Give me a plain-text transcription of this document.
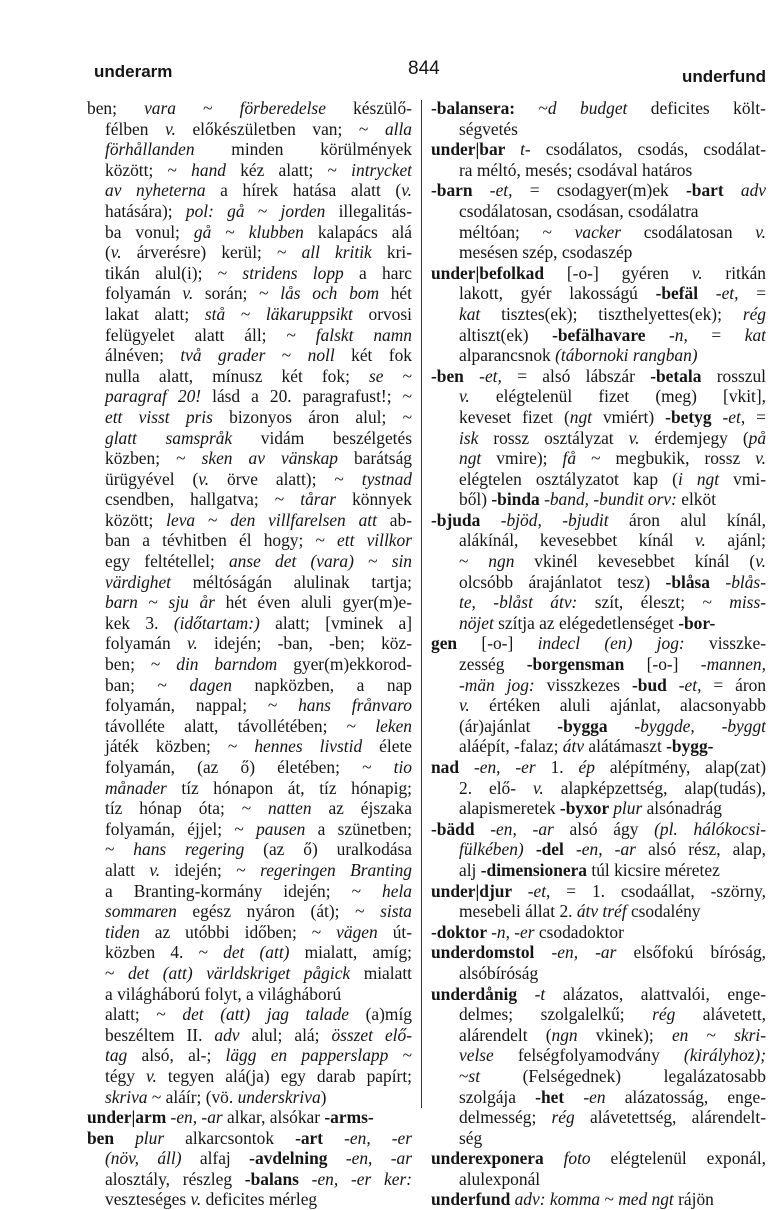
underarm	844	underfund
ben; vara ~ förberedelse készülő-
félben v. előkészületben van; ~ alla
förhållanden minden körülmények
között; ~ hand kéz alatt; ~ intrycket
av nyheterna a hírek hatása alatt (v.
hatására); pol: gå ~ jorden illegalitás-
ba vonul; gå ~ klubben kalapács alá
(v. árverésre) kerül; ~ all kritik kri-
tikán alul(i); ~ stridens lopp a harc
folyamán v. során; ~ lås och bom hét
lakat alatt; stå ~ läkaruppsikt orvosi
felügyelet alatt áll; ~ falskt namn
álnéven; två grader ~ noll két fok
nulla alatt, mínusz két fok; se ~
paragraf 20! lásd a 20. paragrafust!; ~
ett visst pris bizonyos áron alul; ~
glatt samspråk vidám beszélgetés
közben; ~ sken av vänskap barátság
ürügyével (v. örve alatt); ~ tystnad
csendben, hallgatva; ~ tårar könnyek
között; leva ~ den villfarelsen att ab-
ban a tévhitben él hogy; ~ ett villkor
egy feltétellel; anse det (vara) ~ sin
värdighet méltóságán alulinak tartja;
barn ~ sju år hét éven aluli gyer(m)e-
kek 3. (időtartam:) alatt; [vminek a]
folyamán v. idején; -ban, -ben; köz-
ben; ~ din barndom gyer(m)ekkorod-
ban; ~ dagen napközben, a nap
folyamán, nappal; ~ hans frånvaro
távolléte alatt, távollétében; ~ leken
játék közben; ~ hennes livstid élete
folyamán, (az ő) életében; ~ tio
månader tíz hónapon át, tíz hónapig;
tíz hónap óta; ~ natten az éjszaka
folyamán, éjjel; ~ pausen a szünetben;
~ hans regering (az ő) uralkodása
alatt v. idején; ~ regeringen Branting
a Branting-kormány idején; ~ hela
sommaren egész nyáron (át); ~ sista
tiden az utóbbi időben; ~ vägen út-
közben 4. ~ det (att) mialatt, amíg;
~ det (att) världskriget pågick mialatt
a világháború folyt, a világháború
alatt; ~ det (att) jag talade (a)míg
beszéltem II. adv alul; alá; összet elő-
tag alsó, al-; lägg en papperslapp ~
tégy v. tegyen alá(ja) egy darab papírt;
skriva ~ aláír; (vö. underskriva)
under|arm -en, -ar alkar, alsókar -arms-
ben plur alkarcsontok -art -en, -er
(növ, áll) alfaj -avdelning -en, -ar
alosztály, részleg -balans -en, -er ker:
veszteséges v. deficites mérleg
-balansera: ~d budget deficites költ-
ségvetés
under|bar t- csodálatos, csodás, csodálat-
ra méltó, mesés; csodával határos
-barn -et, = csodagyer(m)ek -bart adv
csodálatosan, csodásan, csodálatra
méltóan; ~ vacker csodálatosan v.
mesésen szép, csodaszép
under|befolkad [-o-] gyéren v. ritkán
lakott, gyér lakosságú -befäl -et, =
kat tisztes(ek); tiszthelyettes(ek); rég
altiszt(ek) -befälhavare -n, = kat
alparancsnok (tábornoki rangban)
-ben -et, = alsó lábszár -betala rosszul
v. elégtelenül fizet (meg) [vkit],
keveset fizet (ngt vmiért) -betyg -et, =
isk rossz osztályzat v. érdemjegy (på
ngt vmire); få ~ megbukik, rossz v.
elégtelen osztályzatot kap (i ngt vmi-
ből) -binda -band, -bundit orv: elköt
-bjuda -bjöd, -bjudit áron alul kínál,
alákínál, kevesebbet kínál v. ajánl;
~ ngn vkinél kevesebbet kínál (v.
olcsóbb árajánlatot tesz) -blåsa -blås-
te, -blåst átv: szít, éleszt; ~ miss-
nöjet szítja az elégedetlenséget -bor-
gen [-o-] indecl (en) jog: visszke-
zesség -borgensman [-o-] -mannen,
-män jog: visszkezes -bud -et, = áron
v. értéken aluli ajánlat, alacsonyabb
(ár)ajánlat -bygga -byggde, -byggt
aláépít, -falaz; átv alátámaszt -bygg-
nad -en, -er 1. ép alépítmény, alap(zat)
2. elő- v. alapképzettség, alap(tudás),
alapismeretek -byxor plur alsónadrág
-bädd -en, -ar alsó ágy (pl. hálókocsi-
fülkében) -del -en, -ar alsó rész, alap,
alj -dimensionera túl kicsire méretez
under|djur -et, = 1. csodaállat, -szörny,
mesebeli állat 2. átv tréf csodalény
-doktor -n, -er csodadoktor
underdomstol -en, -ar elsőfokú bíróság,
alsóbíróság
underdånig -t alázatos, alattvalói, enge-
delmes; szolgalelkű; rég alávetett,
alárendelt (ngn vkinek); en ~ skri-
velse felségfolyamodvány (királyhoz);
~st (Felségednek) legalázatosabb
szolgája -het -en alázatosság, enge-
delmesség; rég alávetettség, alárendelt-
ség
underexponera foto elégtelenül exponál,
alulexponál
underfund adv: komma ~ med ngt rájön
